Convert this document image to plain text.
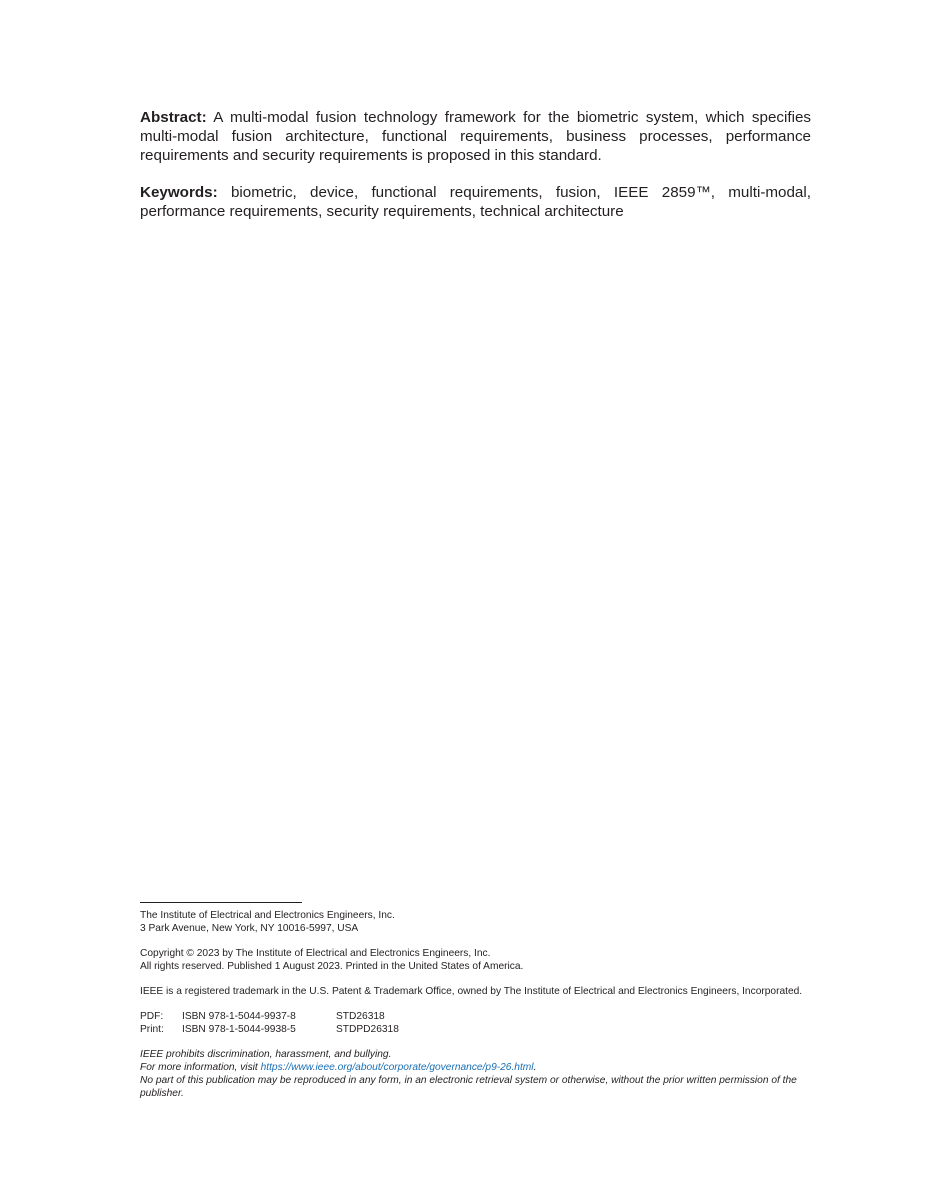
Abstract: A multi-modal fusion technology framework for the biometric system, which specifies multi-modal fusion architecture, functional requirements, business processes, performance requirements and security requirements is proposed in this standard.

Keywords: biometric, device, functional requirements, fusion, IEEE 2859™, multi-modal, performance requirements, security requirements, technical architecture

The Institute of Electrical and Electronics Engineers, Inc.
3 Park Avenue, New York, NY 10016-5997, USA
Copyright © 2023 by The Institute of Electrical and Electronics Engineers, Inc.
All rights reserved. Published 1 August 2023. Printed in the United States of America.
IEEE is a registered trademark in the U.S. Patent & Trademark Office, owned by The Institute of Electrical and Electronics Engineers, Incorporated.
PDF:	ISBN 978-1-5044-9937-8	STD26318
Print:	ISBN 978-1-5044-9938-5	STDPD26318
IEEE prohibits discrimination, harassment, and bullying.
For more information, visit https://www.ieee.org/about/corporate/governance/p9-26.html.
No part of this publication may be reproduced in any form, in an electronic retrieval system or otherwise, without the prior written permission of the publisher.
